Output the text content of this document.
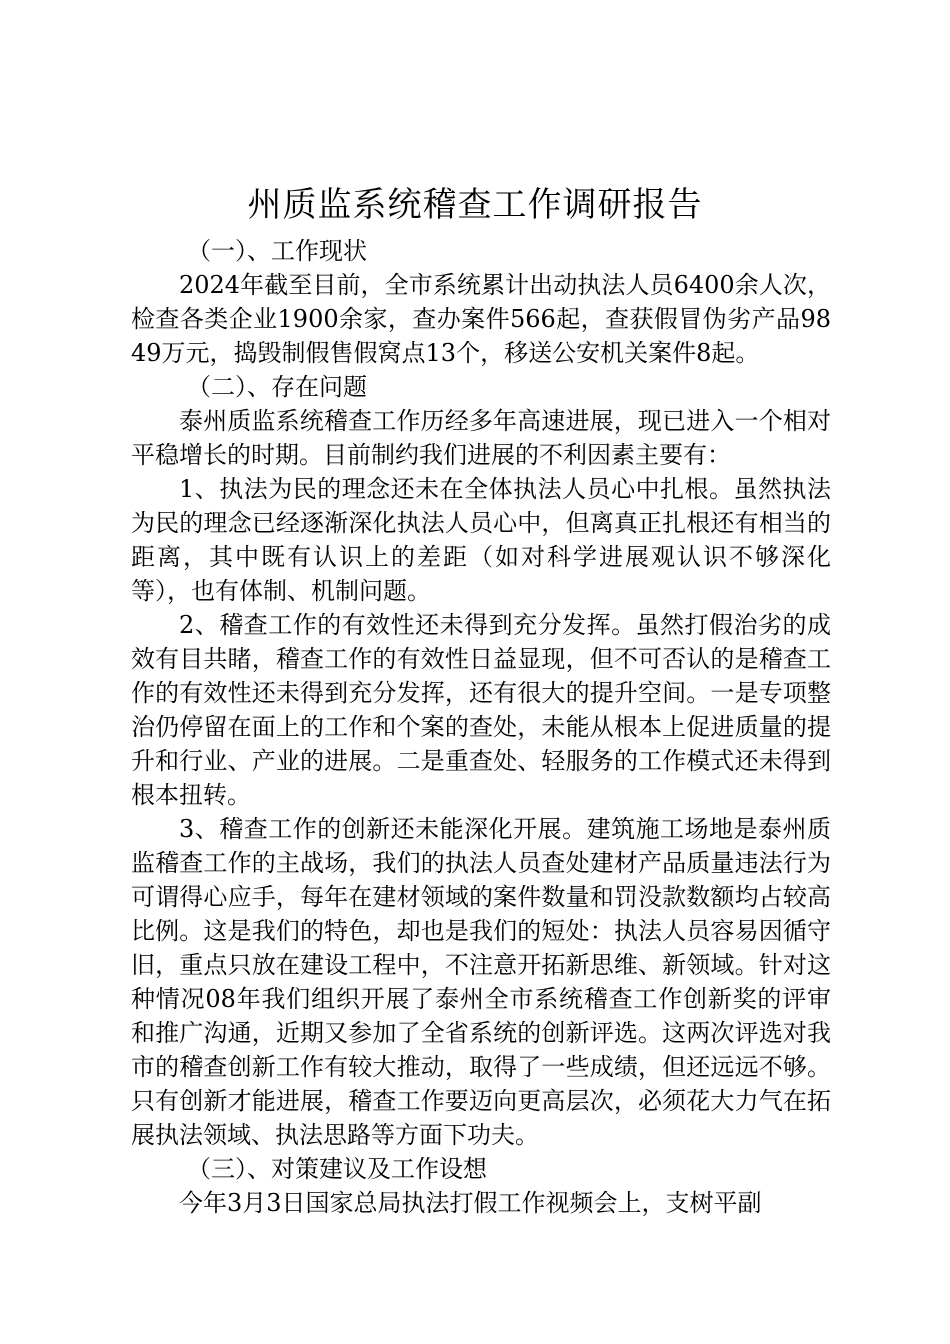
州质监系统稽查工作调研报告

（一）、工作现状

2024年截至目前，全市系统累计出动执法人员6400余人次，检查各类企业1900余家，查办案件566起，查获假冒伪劣产品9849万元，捣毁制假售假窝点13个，移送公安机关案件8起。

（二）、存在问题

泰州质监系统稽查工作历经多年高速进展，现已进入一个相对平稳增长的时期。目前制约我们进展的不利因素主要有：

1、执法为民的理念还未在全体执法人员心中扎根。虽然执法为民的理念已经逐渐深化执法人员心中，但离真正扎根还有相当的距离，其中既有认识上的差距（如对科学进展观认识不够深化等），也有体制、机制问题。

2、稽查工作的有效性还未得到充分发挥。虽然打假治劣的成效有目共睹，稽查工作的有效性日益显现，但不可否认的是稽查工作的有效性还未得到充分发挥，还有很大的提升空间。一是专项整治仍停留在面上的工作和个案的查处，未能从根本上促进质量的提升和行业、产业的进展。二是重查处、轻服务的工作模式还未得到根本扭转。

3、稽查工作的创新还未能深化开展。建筑施工场地是泰州质监稽查工作的主战场，我们的执法人员查处建材产品质量违法行为可谓得心应手，每年在建材领域的案件数量和罚没款数额均占较高比例。这是我们的特色，却也是我们的短处：执法人员容易因循守旧，重点只放在建设工程中，不注意开拓新思维、新领域。针对这种情况08年我们组织开展了泰州全市系统稽查工作创新奖的评审和推广沟通，近期又参加了全省系统的创新评选。这两次评选对我市的稽查创新工作有较大推动，取得了一些成绩，但还远远不够。只有创新才能进展，稽查工作要迈向更高层次，必须花大力气在拓展执法领域、执法思路等方面下功夫。

（三）、对策建议及工作设想

今年3月3日国家总局执法打假工作视频会上，支树平副
